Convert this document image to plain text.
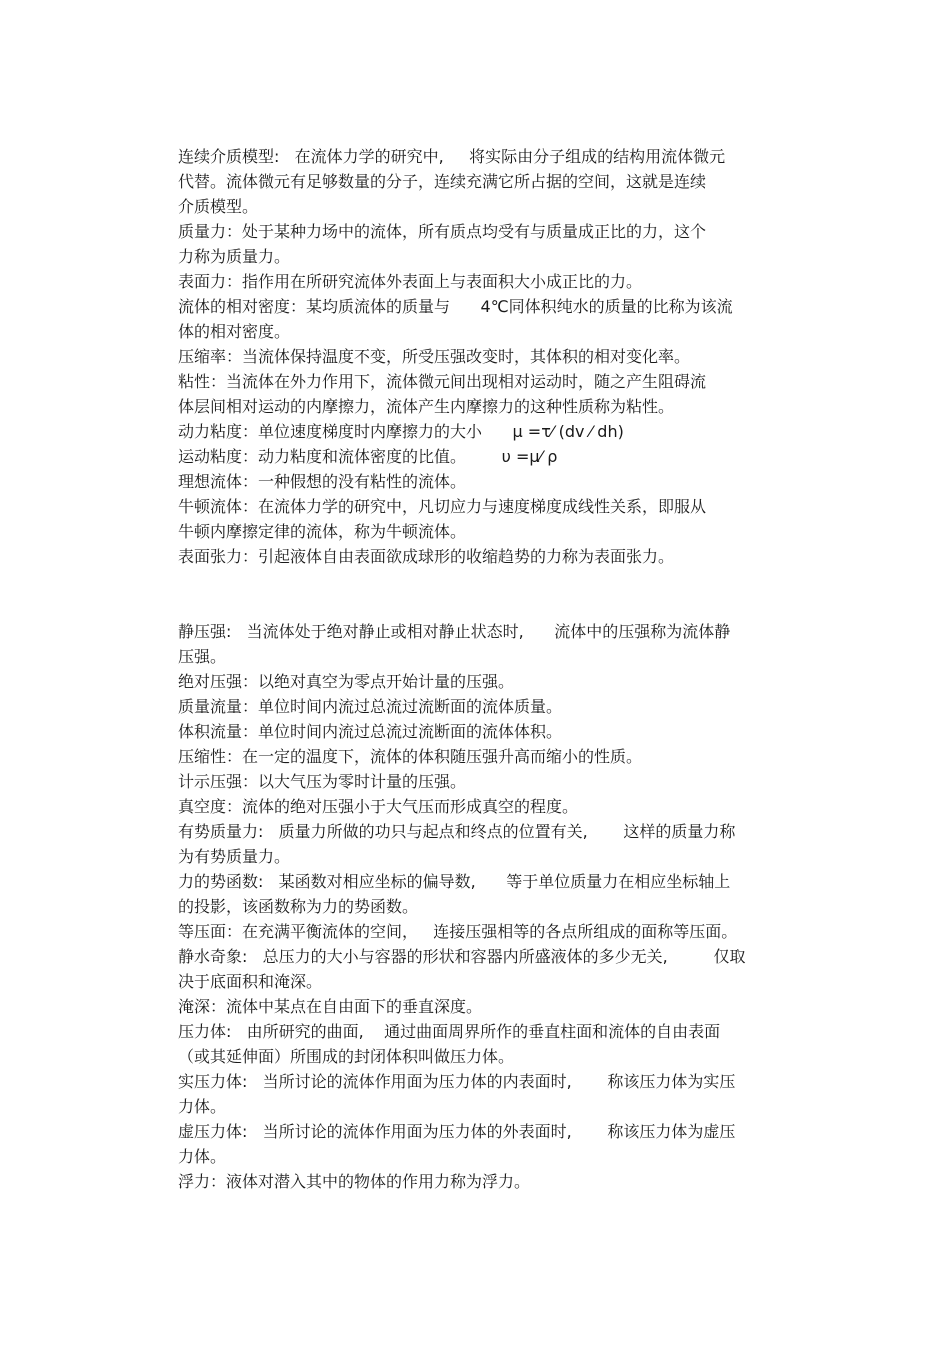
连续介质模型:   在流体力学的研究中,     将实际由分子组成的结构用流体微元
代替。流体微元有足够数量的分子，连续充满它所占据的空间，这就是连续
介质模型。
质量力：处于某种力场中的流体，所有质点均受有与质量成正比的力，这个
力称为质量力。
表面力：指作用在所研究流体外表面上与表面积大小成正比的力。
流体的相对密度：某均质流体的质量与      4℃同体积纯水的质量的比称为该流
体的相对密度。
压缩率：当流体保持温度不变，所受压强改变时，其体积的相对变化率。
粘性：当流体在外力作用下，流体微元间出现相对运动时，随之产生阻碍流
体层间相对运动的内摩擦力，流体产生内摩擦力的这种性质称为粘性。
动力粘度：单位速度梯度时内摩擦力的大小      μ =τ⁄ (dv ⁄ dh)
运动粘度：动力粘度和流体密度的比值。       υ =μ⁄ ρ
理想流体：一种假想的没有粘性的流体。
牛顿流体：在流体力学的研究中，凡切应力与速度梯度成线性关系，即服从
牛顿内摩擦定律的流体，称为牛顿流体。
表面张力：引起液体自由表面欲成球形的收缩趋势的力称为表面张力。
静压强:   当流体处于绝对静止或相对静止状态时,      流体中的压强称为流体静
压强。
绝对压强：以绝对真空为零点开始计量的压强。
质量流量：单位时间内流过总流过流断面的流体质量。
体积流量：单位时间内流过总流过流断面的流体体积。
压缩性：在一定的温度下，流体的体积随压强升高而缩小的性质。
计示压强：以大气压为零时计量的压强。
真空度：流体的绝对压强小于大气压而形成真空的程度。
有势质量力:   质量力所做的功只与起点和终点的位置有关,       这样的质量力称
为有势质量力。
力的势函数:   某函数对相应坐标的偏导数,      等于单位质量力在相应坐标轴上
的投影，该函数称为力的势函数。
等压面：在充满平衡流体的空间，   连接压强相等的各点所组成的面称等压面。
静水奇象:   总压力的大小与容器的形状和容器内所盛液体的多少无关,         仅取
决于底面积和淹深。
淹深：流体中某点在自由面下的垂直深度。
压力体:   由所研究的曲面,    通过曲面周界所作的垂直柱面和流体的自由表面
（或其延伸面）所围成的封闭体积叫做压力体。
实压力体:   当所讨论的流体作用面为压力体的内表面时,       称该压力体为实压
力体。
虚压力体:   当所讨论的流体作用面为压力体的外表面时,       称该压力体为虚压
力体。
浮力：液体对潜入其中的物体的作用力称为浮力。
